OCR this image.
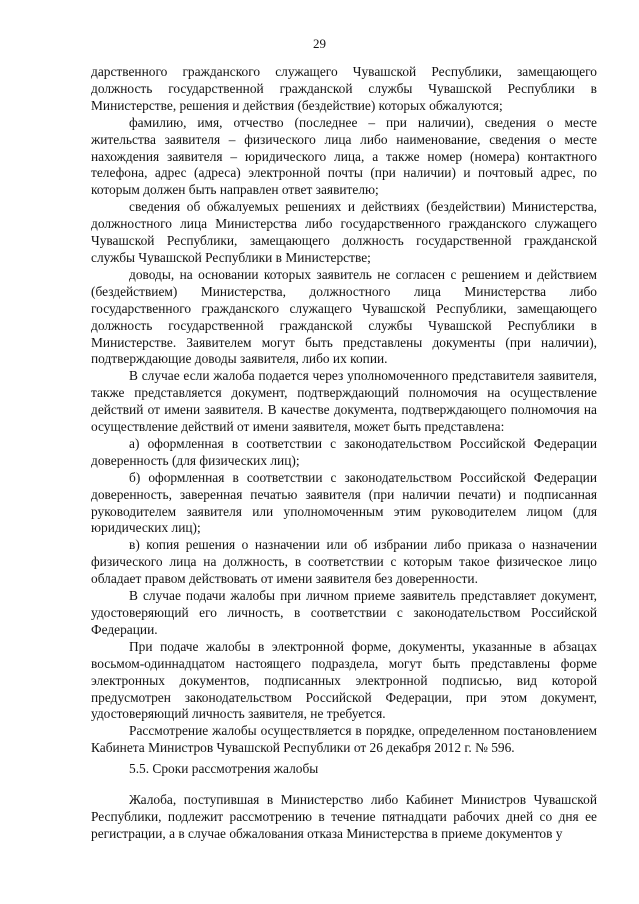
29

дарственного гражданского служащего Чувашской Республики, замещающего должность государственной гражданской службы Чувашской Республики в Министерстве, решения и действия (бездействие) которых обжалуются;

фамилию, имя, отчество (последнее – при наличии), сведения о месте жительства заявителя – физического лица либо наименование, сведения о месте нахождения заявителя – юридического лица, а также номер (номера) контактного телефона, адрес (адреса) электронной почты (при наличии) и почтовый адрес, по которым должен быть направлен ответ заявителю;

сведения об обжалуемых решениях и действиях (бездействии) Министерства, должностного лица Министерства либо государственного гражданского служащего Чувашской Республики, замещающего должность государственной гражданской службы Чувашской Республики в Министерстве;

доводы, на основании которых заявитель не согласен с решением и действием (бездействием) Министерства, должностного лица Министерства либо государственного гражданского служащего Чувашской Республики, замещающего должность государственной гражданской службы Чувашской Республики в Министерстве. Заявителем могут быть представлены документы (при наличии), подтверждающие доводы заявителя, либо их копии.

В случае если жалоба подается через уполномоченного представителя заявителя, также представляется документ, подтверждающий полномочия на осуществление действий от имени заявителя. В качестве документа, подтверждающего полномочия на осуществление действий от имени заявителя, может быть представлена:

а) оформленная в соответствии с законодательством Российской Федерации доверенность (для физических лиц);

б) оформленная в соответствии с законодательством Российской Федерации доверенность, заверенная печатью заявителя (при наличии печати) и подписанная руководителем заявителя или уполномоченным этим руководителем лицом (для юридических лиц);

в) копия решения о назначении или об избрании либо приказа о назначении физического лица на должность, в соответствии с которым такое физическое лицо обладает правом действовать от имени заявителя без доверенности.

В случае подачи жалобы при личном приеме заявитель представляет документ, удостоверяющий его личность, в соответствии с законодательством Российской Федерации.

При подаче жалобы в электронной форме, документы, указанные в абзацах восьмом-одиннадцатом настоящего подраздела, могут быть представлены форме электронных документов, подписанных электронной подписью, вид которой предусмотрен законодательством Российской Федерации, при этом документ, удостоверяющий личность заявителя, не требуется.

Рассмотрение жалобы осуществляется в порядке, определенном постановлением Кабинета Министров Чувашской Республики от 26 декабря 2012 г. № 596.

5.5. Сроки рассмотрения жалобы

Жалоба, поступившая в Министерство либо Кабинет Министров Чувашской Республики, подлежит рассмотрению в течение пятнадцати рабочих дней со дня ее регистрации, а в случае обжалования отказа Министерства в приеме документов у
